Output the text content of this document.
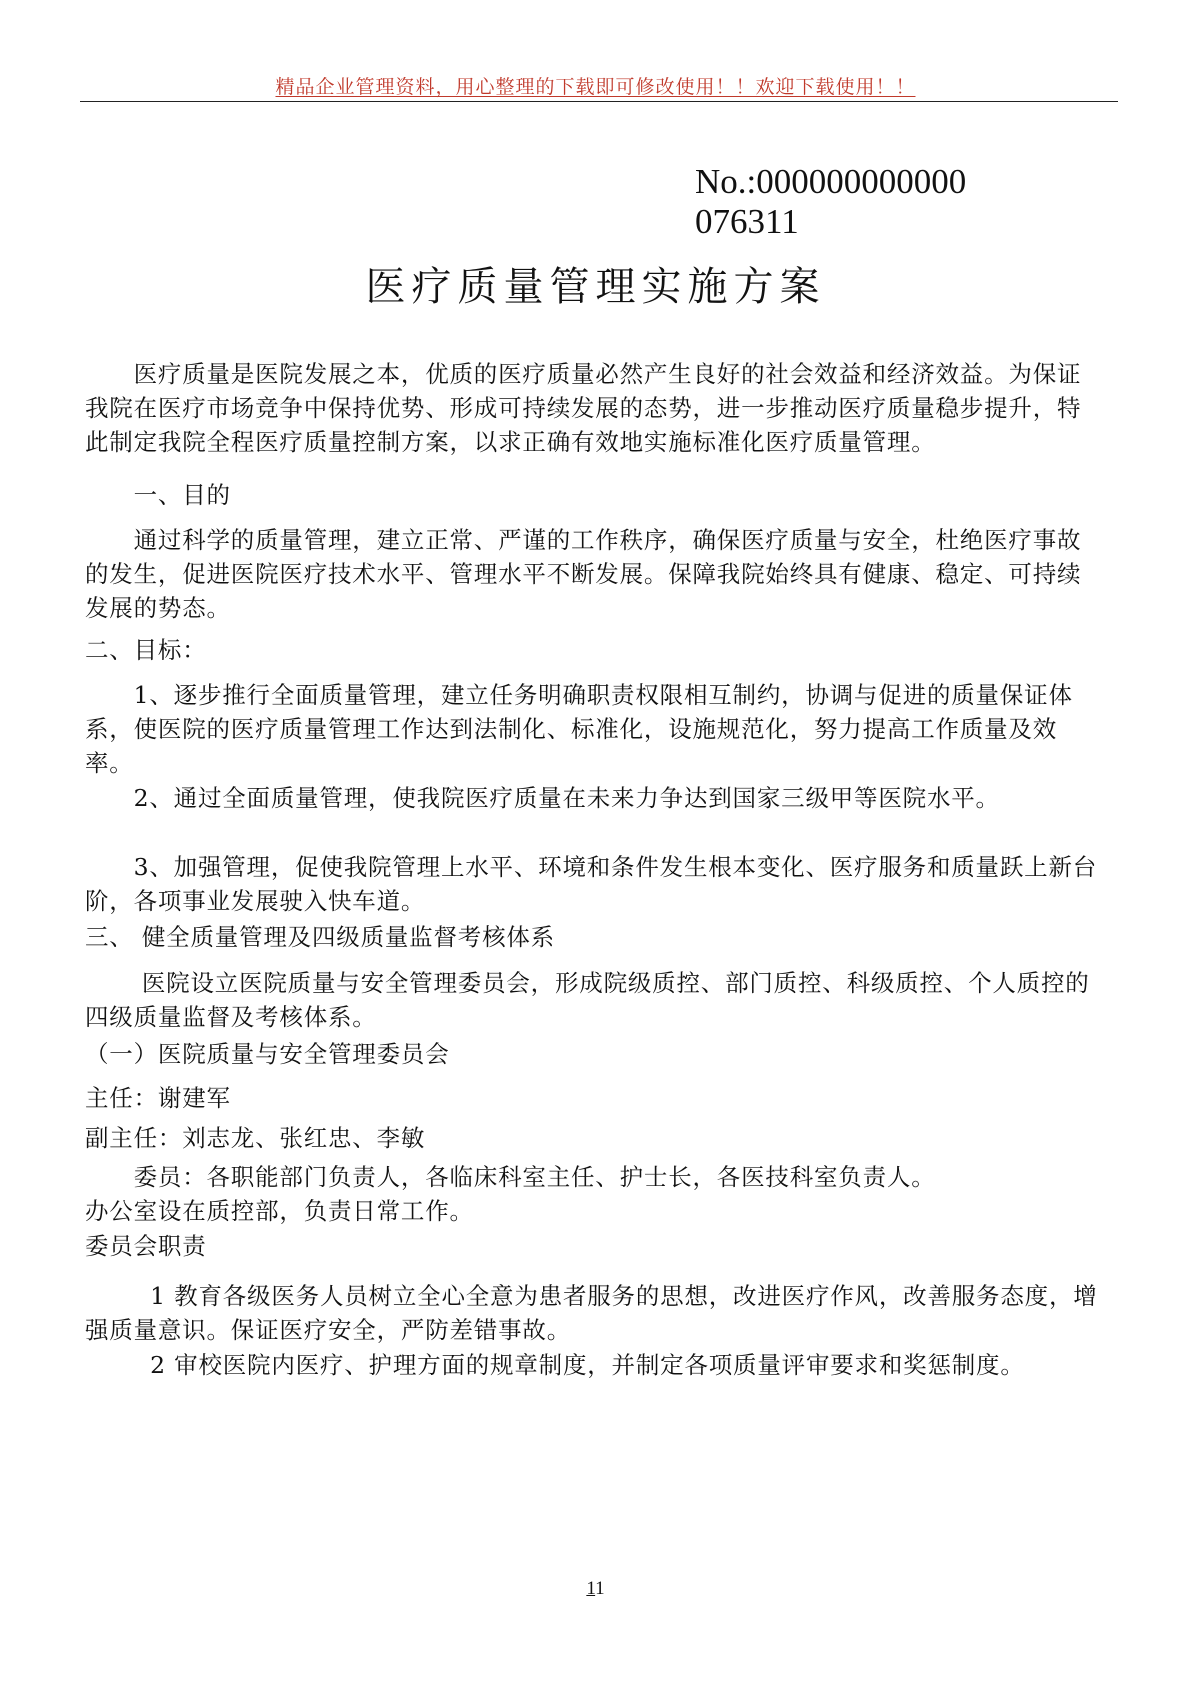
精品企业管理资料，用心整理的下载即可修改使用！！欢迎下载使用！！
No.:000000000000
076311
医疗质量管理实施方案

　　医疗质量是医院发展之本，优质的医疗质量必然产生良好的社会效益和经济效益。为保证我院在医疗市场竞争中保持优势、形成可持续发展的态势，进一步推动医疗质量稳步提升，特此制定我院全程医疗质量控制方案，以求正确有效地实施标准化医疗质量管理。

　　一、目的

　　通过科学的质量管理，建立正常、严谨的工作秩序，确保医疗质量与安全，杜绝医疗事故的发生，促进医院医疗技术水平、管理水平不断发展。保障我院始终具有健康、稳定、可持续发展的势态。

二、目标：

　　1、逐步推行全面质量管理，建立任务明确职责权限相互制约，协调与促进的质量保证体系，使医院的医疗质量管理工作达到法制化、标准化，设施规范化，努力提高工作质量及效率。

　　2、通过全面质量管理，使我院医疗质量在未来力争达到国家三级甲等医院水平。

　　3、加强管理，促使我院管理上水平、环境和条件发生根本变化、医疗服务和质量跃上新台阶，各项事业发展驶入快车道。

三、 健全质量管理及四级质量监督考核体系

　　 医院设立医院质量与安全管理委员会，形成院级质控、部门质控、科级质控、个人质控的四级质量监督及考核体系。

（一）医院质量与安全管理委员会

主任：谢建军

副主任：刘志龙、张红忠、李敏

　　委员：各职能部门负责人，各临床科室主任、护士长，各医技科室负责人。

办公室设在质控部，负责日常工作。

委员会职责

　　  1 教育各级医务人员树立全心全意为患者服务的思想，改进医疗作风，改善服务态度，增强质量意识。保证医疗安全，严防差错事故。

　　  2 审校医院内医疗、护理方面的规章制度，并制定各项质量评审要求和奖惩制度。

11
